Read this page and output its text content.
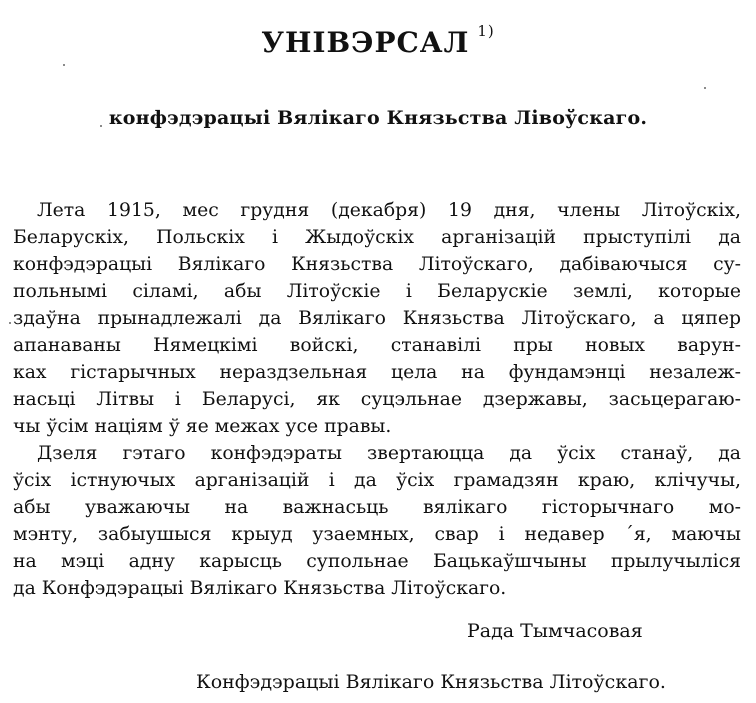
УНІВЭРСАЛ $^{1)}$
конфэдэрацыі Вялікаго Князьства Лівоўскаго.
Лета 1915, мес грудня (декабря) 19 дня, члены Літоўскіх,
Беларускіх, Польскіх і Жыдоўскіх арганізацій прыступілі да
конфэдэрацыі Вялікаго Князьства Літоўскаго, дабіваючыся су-
польнымі сіламі, абы Літоўскіе і Беларускіе землі, которые
здaўна прынадлежалі да Вялікаго Князьства Літоўскаго, а цяпер
апанаваны Нямецкімі войскі, станавілі пры новых варун-
ках гістарычных нераздзельная цела на фундамэнці незалеж-
насьці Літвы і Беларусі, як суцэльнае дзержавы, засьцерагаю-
чы ўсім націям ў яе межах усе правы.
Дзеля гэтаго конфэдэраты звертаюцца да ўсіх станаў, да
ўсіх істнуючых арганізацій і да ўсіх грамадзян краю, клічучы,
абы уважаючы на важнасьць вялікаго гісторычнаго мо-
мэнту, забыушыся крыуд узаемных, свар і недавер ´я, маючы
на мэці адну карысць супольнае Бацькаўшчыны прылучыліся
да Конфэдэрацыі Вялікаго Князьства Літоўскаго.
Рада Тымчасовая
Конфэдэрацыі Вялікаго Князьства Літоўскаго.
